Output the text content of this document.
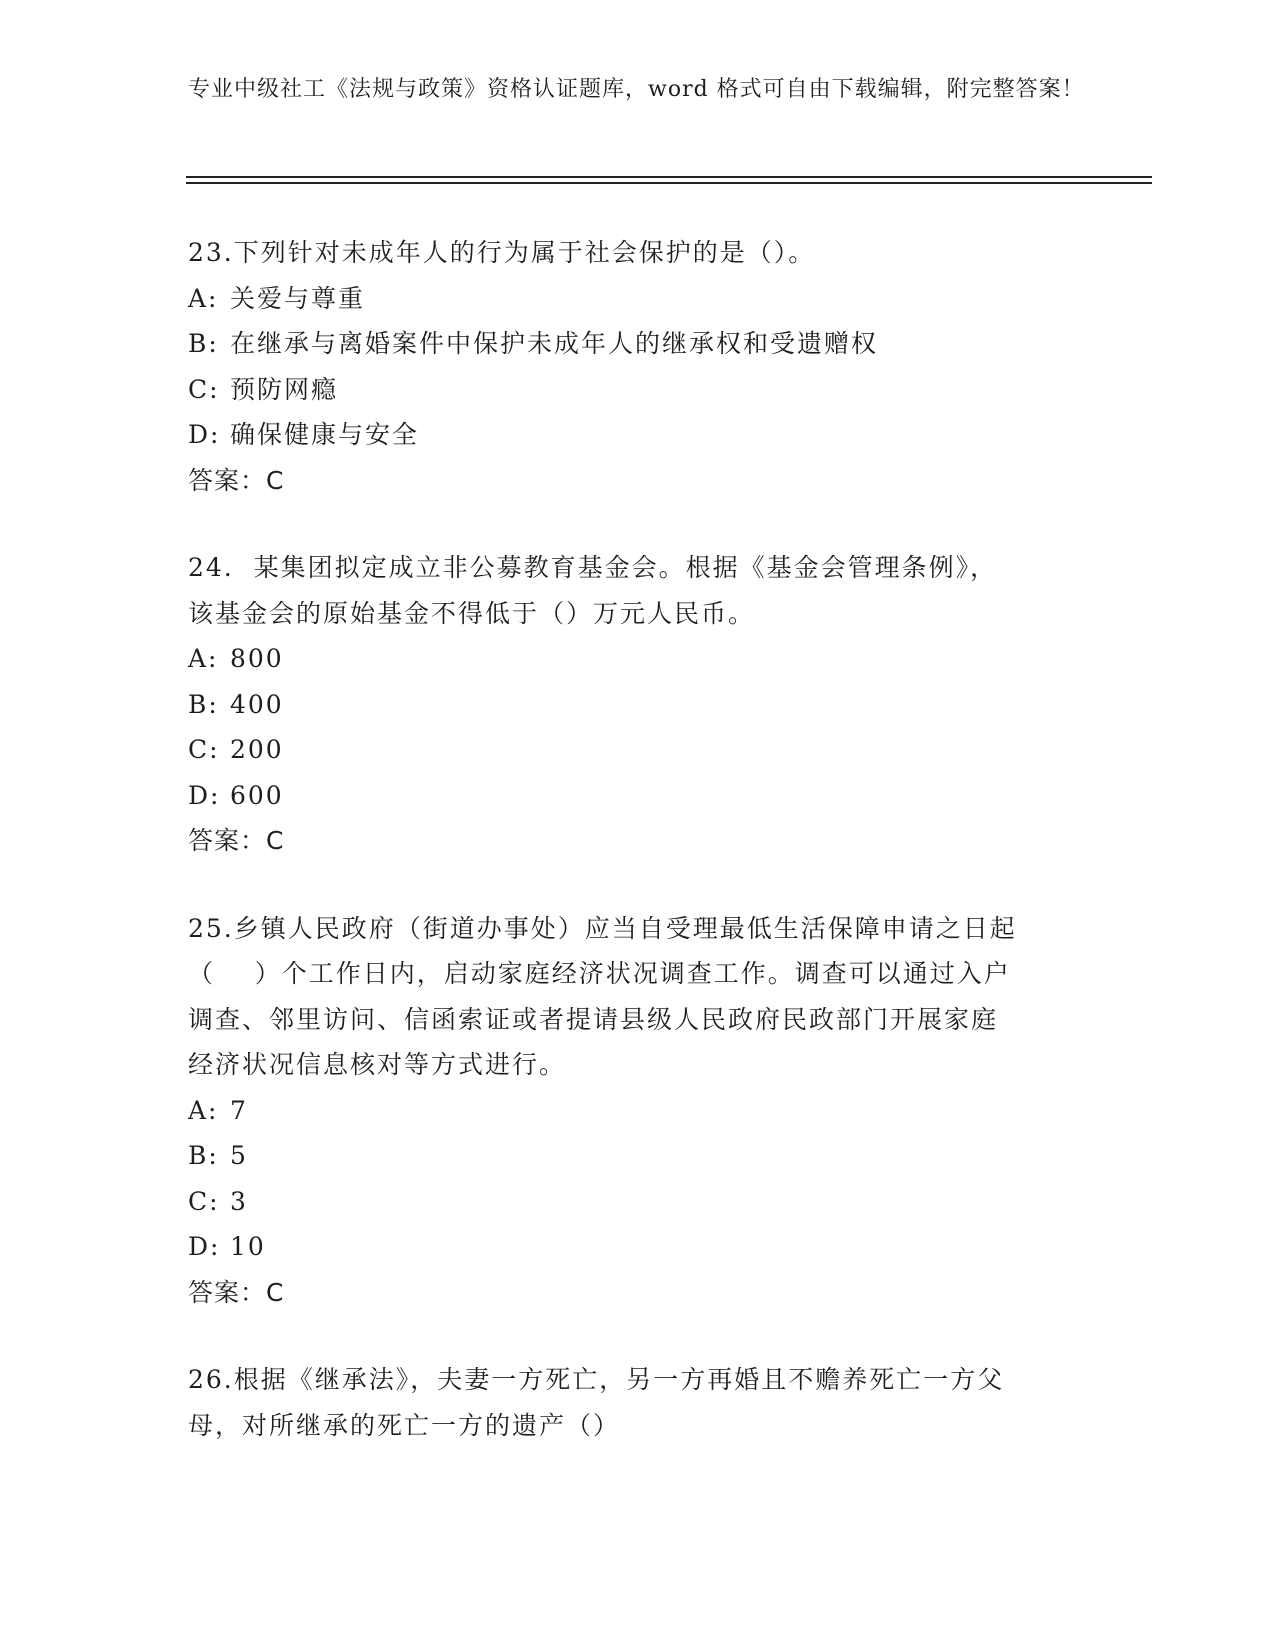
专业中级社工《法规与政策》资格认证题库，word 格式可自由下载编辑，附完整答案！
23.下列针对未成年人的行为属于社会保护的是（）。
A: 关爱与尊重
B: 在继承与离婚案件中保护未成年人的继承权和受遗赠权
C: 预防网瘾
D: 确保健康与安全
答案：C
24.  某集团拟定成立非公募教育基金会。根据《基金会管理条例》，
该基金会的原始基金不得低于（）万元人民币。
A: 800
B: 400
C: 200
D: 600
答案：C
25.乡镇人民政府（街道办事处）应当自受理最低生活保障申请之日起
（    ）个工作日内，启动家庭经济状况调查工作。调查可以通过入户
调查、邻里访问、信函索证或者提请县级人民政府民政部门开展家庭
经济状况信息核对等方式进行。
A: 7
B: 5
C: 3
D: 10
答案：C
26.根据《继承法》，夫妻一方死亡，另一方再婚且不赡养死亡一方父
母，对所继承的死亡一方的遗产（）
